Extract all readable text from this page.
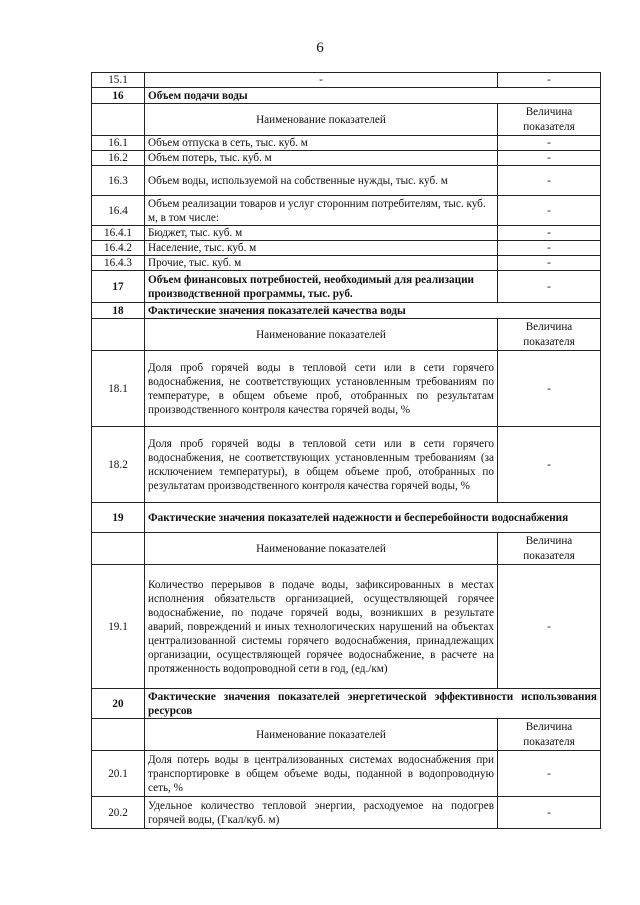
6
15.1	-	-
16	Объем подачи воды	
	Наименование показателей	Величина показателя
16.1	Объем отпуска в сеть, тыс. куб. м	-
16.2	Объем потерь, тыс. куб. м	-
16.3	Объем воды, используемой на собственные нужды, тыс. куб. м	-
16.4	Объем реализации товаров и услуг сторонним потребителям, тыс. куб. м, в том числе:	-
16.4.1	Бюджет, тыс. куб. м	-
16.4.2	Население, тыс. куб. м	-
16.4.3	Прочие, тыс. куб. м	-
17	Объем финансовых потребностей, необходимый для реализации производственной программы, тыс. руб.	-
18	Фактические значения показателей качества воды	
	Наименование показателей	Величина показателя
18.1	Доля проб горячей воды в тепловой сети или в сети горячего водоснабжения, не соответствующих установленным требованиям по температуре, в общем объеме проб, отобранных по результатам производственного контроля качества горячей воды, %	-
18.2	Доля проб горячей воды в тепловой сети или в сети горячего водоснабжения, не соответствующих установленным требованиям (за исключением температуры), в общем объеме проб, отобранных по результатам производственного контроля качества горячей воды, %	-
19	Фактические значения показателей надежности и бесперебойности водоснабжения	
	Наименование показателей	Величина показателя
19.1	Количество перерывов в подаче воды, зафиксированных в местах исполнения обязательств организацией, осуществляющей горячее водоснабжение, по подаче горячей воды, возникших в результате аварий, повреждений и иных технологических нарушений на объектах централизованной системы горячего водоснабжения, принадлежащих организации, осуществляющей горячее водоснабжение, в расчете на протяженность водопроводной сети в год, (ед./км)	-
20	Фактические значения показателей энергетической эффективности использования ресурсов	
	Наименование показателей	Величина показателя
20.1	Доля потерь воды в централизованных системах водоснабжения при транспортировке в общем объеме воды, поданной в водопроводную сеть, %	-
20.2	Удельное количество тепловой энергии, расходуемое на подогрев горячей воды, (Гкал/куб. м)	-
